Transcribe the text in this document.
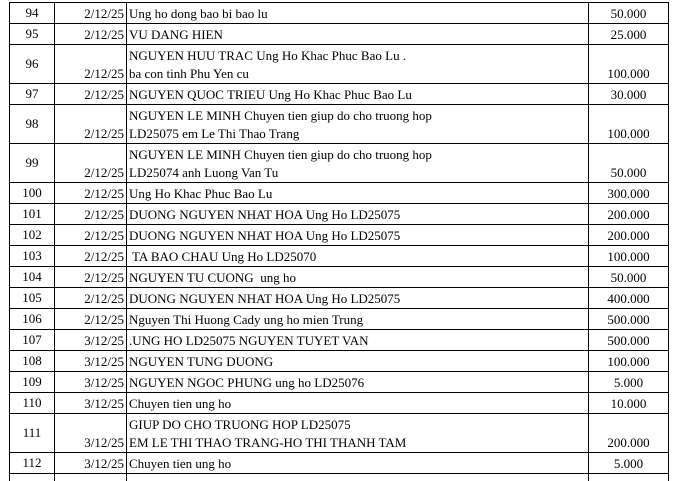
94	2/12/25	Ung ho dong bao bi bao lu	50.000
95	2/12/25	VU DANG HIEN	25.000
96	2/12/25	NGUYEN HUU TRAC Ung Ho Khac Phuc Bao Lu .
ba con tinh Phu Yen cu	100.000
97	2/12/25	NGUYEN QUOC TRIEU Ung Ho Khac Phuc Bao Lu	30.000
98	2/12/25	NGUYEN LE MINH Chuyen tien giup do cho truong hop
LD25075 em Le Thi Thao Trang	100.000
99	2/12/25	NGUYEN LE MINH Chuyen tien giup do cho truong hop
LD25074 anh Luong Van Tu	50.000
100	2/12/25	Ung Ho Khac Phuc Bao Lu	300.000
101	2/12/25	DUONG NGUYEN NHAT HOA Ung Ho LD25075	200.000
102	2/12/25	DUONG NGUYEN NHAT HOA Ung Ho LD25075	200.000
103	2/12/25	TA BAO CHAU Ung Ho LD25070	100.000
104	2/12/25	NGUYEN TU CUONG  ung ho	50.000
105	2/12/25	DUONG NGUYEN NHAT HOA Ung Ho LD25075	400.000
106	2/12/25	Nguyen Thi Huong Cady ung ho mien Trung	500.000
107	3/12/25	.UNG HO LD25075 NGUYEN TUYET VAN	500.000
108	3/12/25	NGUYEN TUNG DUONG	100.000
109	3/12/25	NGUYEN NGOC PHUNG ung ho LD25076	5.000
110	3/12/25	Chuyen tien ung ho	10.000
111	3/12/25	GIUP DO CHO TRUONG HOP LD25075
EM LE THI THAO TRANG-HO THI THANH TAM	200.000
112	3/12/25	Chuyen tien ung ho	5.000
